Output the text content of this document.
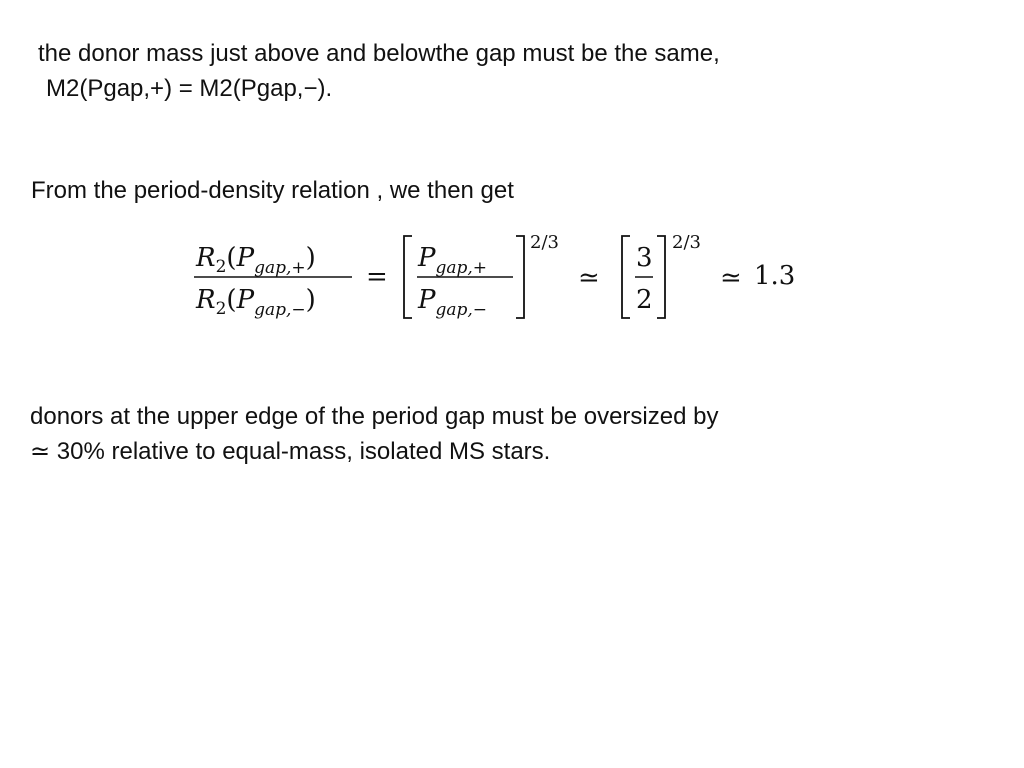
the donor mass just above and belowthe gap must be the same,
M2(Pgap,+) = M2(Pgap,−).
From the period-density relation , we then get
$R_2(P_{gap,+})$
$R_2(P_{gap,-})$
=
$P_{gap,+}$
$P_{gap,-}$
2/3
≃
3
2
2/3
≃ 1.3
donors at the upper edge of the period gap must be oversized by
≃ 30% relative to equal-mass, isolated MS stars.
